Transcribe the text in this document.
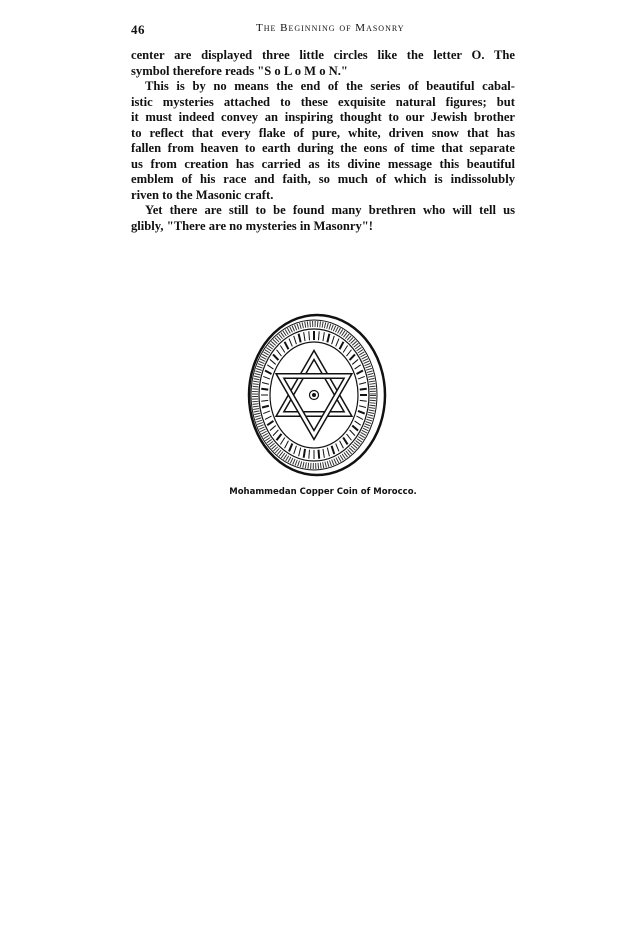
46	The Beginning of Masonry
center are displayed three little circles like the letter O. The
symbol therefore reads "S o L o M o N."
This is by no means the end of the series of beautiful cabal-
istic mysteries attached to these exquisite natural figures; but
it must indeed convey an inspiring thought to our Jewish brother
to reflect that every flake of pure, white, driven snow that has
fallen from heaven to earth during the eons of time that separate
us from creation has carried as its divine message this beautiful
emblem of his race and faith, so much of which is indissolubly
riven to the Masonic craft.
Yet there are still to be found many brethren who will tell us
glibly, "There are no mysteries in Masonry"!
Mohammedan Copper Coin of Morocco.
